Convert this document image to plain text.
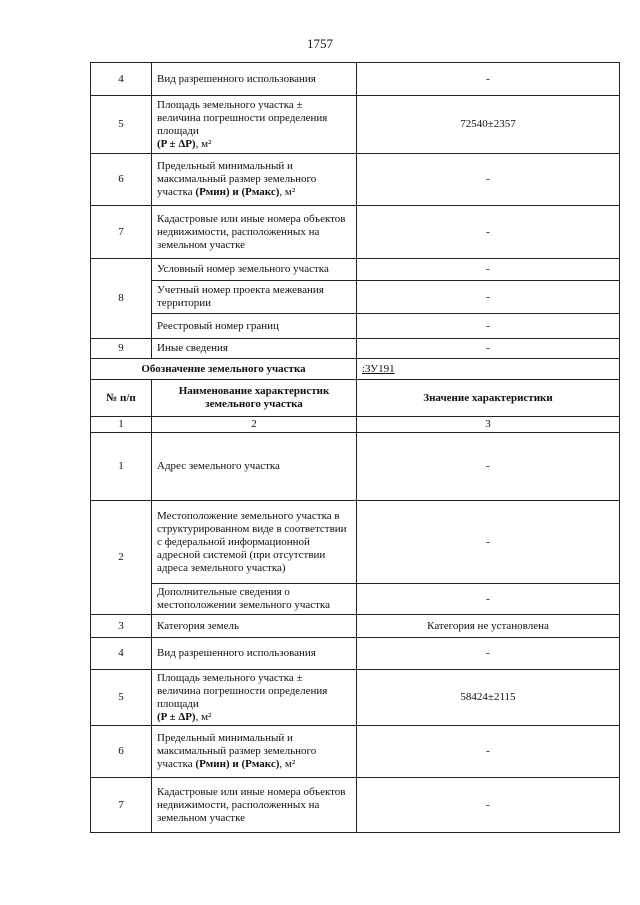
1757
4	Вид разрешенного использования	-
5	Площадь земельного участка ±
величина погрешности определения
площади
(P ± ΔP), м²	72540±2357
6	Предельный минимальный и
максимальный размер земельного
участка (Pмин) и (Pмакс), м²	-
7	Кадастровые или иные номера объектов недвижимости, расположенных на земельном участке	-
8	Условный номер земельного участка	-
	Учетный номер проекта межевания территории	-
	Реестровый номер границ	-
9	Иные сведения	-
Обозначение земельного участка		:ЗУ191
№ п/п	Наименование характеристик земельного участка	Значение характеристики
1	2	3
1	Адрес земельного участка	-
2	Местоположение земельного участка в структурированном виде в соответствии с федеральной информационной адресной системой (при отсутствии адреса земельного участка)	-
	Дополнительные сведения о местоположении земельного участка	-
3	Категория земель	Категория не установлена
4	Вид разрешенного использования	-
5	Площадь земельного участка ±
величина погрешности определения
площади
(P ± ΔP), м²	58424±2115
6	Предельный минимальный и
максимальный размер земельного
участка (Pмин) и (Pмакс), м²	-
7	Кадастровые или иные номера объектов недвижимости, расположенных на земельном участке	-
